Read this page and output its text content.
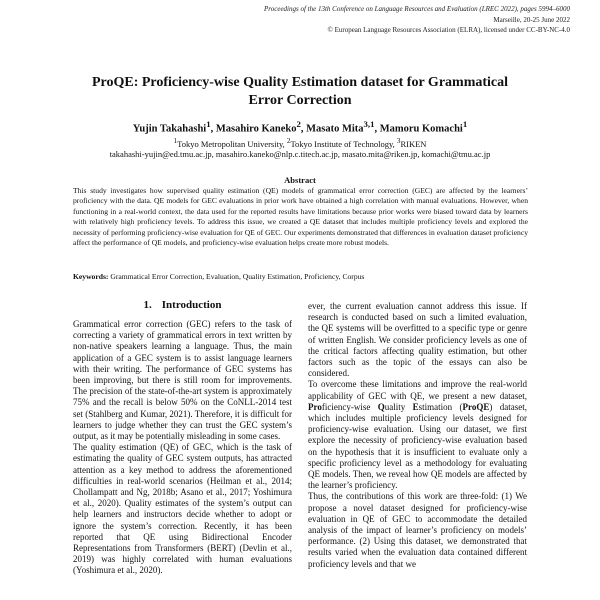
Proceedings of the 13th Conference on Language Resources and Evaluation (LREC 2022), pages 5994–6000
Marseille, 20-25 June 2022
© European Language Resources Association (ELRA), licensed under CC-BY-NC-4.0
ProQE: Proficiency-wise Quality Estimation dataset for Grammatical
Error Correction
Yujin Takahashi$^1$, Masahiro Kaneko$^2$, Masato Mita$^{3,1}$, Mamoru Komachi$^1$
$^1$Tokyo Metropolitan University, $^2$Tokyo Institute of Technology, $^3$RIKEN
takahashi-yujin@ed.tmu.ac.jp, masahiro.kaneko@nlp.c.titech.ac.jp, masato.mita@riken.jp, komachi@tmu.ac.jp
Abstract
This study investigates how supervised quality estimation (QE) models of grammatical error correction (GEC) are affected by the learners’ proficiency with the data. QE models for GEC evaluations in prior work have obtained a high correlation with manual evaluations. However, when functioning in a real-world context, the data used for the reported results have limitations because prior works were biased toward data by learners with relatively high proficiency levels. To address this issue, we created a QE dataset that includes multiple proficiency levels and explored the necessity of performing proficiency-wise evaluation for QE of GEC. Our experiments demonstrated that differences in evaluation dataset proficiency affect the performance of QE models, and proficiency-wise evaluation helps create more robust models.
Keywords: Grammatical Error Correction, Evaluation, Quality Estimation, Proficiency, Corpus
1. Introduction

Grammatical error correction (GEC) refers to the task of correcting a variety of grammatical errors in text written by non-native speakers learning a language. Thus, the main application of a GEC system is to assist language learners with their writing. The performance of GEC systems has been improving, but there is still room for improvements. The precision of the state-of-the-art system is approximately 75% and the recall is below 50% on the CoNLL-2014 test set (Stahlberg and Kumar, 2021). Therefore, it is difficult for learners to judge whether they can trust the GEC system’s output, as it may be potentially misleading in some cases.

The quality estimation (QE) of GEC, which is the task of estimating the quality of GEC system outputs, has attracted attention as a key method to address the aforementioned difficulties in real-world scenarios (Heilman et al., 2014; Chollampatt and Ng, 2018b; Asano et al., 2017; Yoshimura et al., 2020). Quality estimates of the system’s output can help learners and instructors decide whether to adopt or ignore the system’s correction. Recently, it has been reported that QE using Bidirectional Encoder Representations from Transformers (BERT) (Devlin et al., 2019) was highly correlated with human evaluations (Yoshimura et al., 2020).

ever, the current evaluation cannot address this issue. If research is conducted based on such a limited evaluation, the QE systems will be overfitted to a specific type or genre of written English. We consider proficiency levels as one of the critical factors affecting quality estimation, but other factors such as the topic of the essays can also be considered.

To overcome these limitations and improve the real-world applicability of GEC with QE, we present a new dataset, Proficiency-wise Quality Estimation (ProQE) dataset, which includes multiple proficiency levels designed for proficiency-wise evaluation. Using our dataset, we first explore the necessity of proficiency-wise evaluation based on the hypothesis that it is insufficient to evaluate only a specific proficiency level as a methodology for evaluating QE models. Then, we reveal how QE models are affected by the learner’s proficiency.

Thus, the contributions of this work are three-fold: (1) We propose a novel dataset designed for proficiency-wise evaluation in QE of GEC to accommodate the detailed analysis of the impact of learner’s proficiency on models’ performance. (2) Using this dataset, we demonstrated that results varied when the evaluation data contained different proficiency levels and that we
